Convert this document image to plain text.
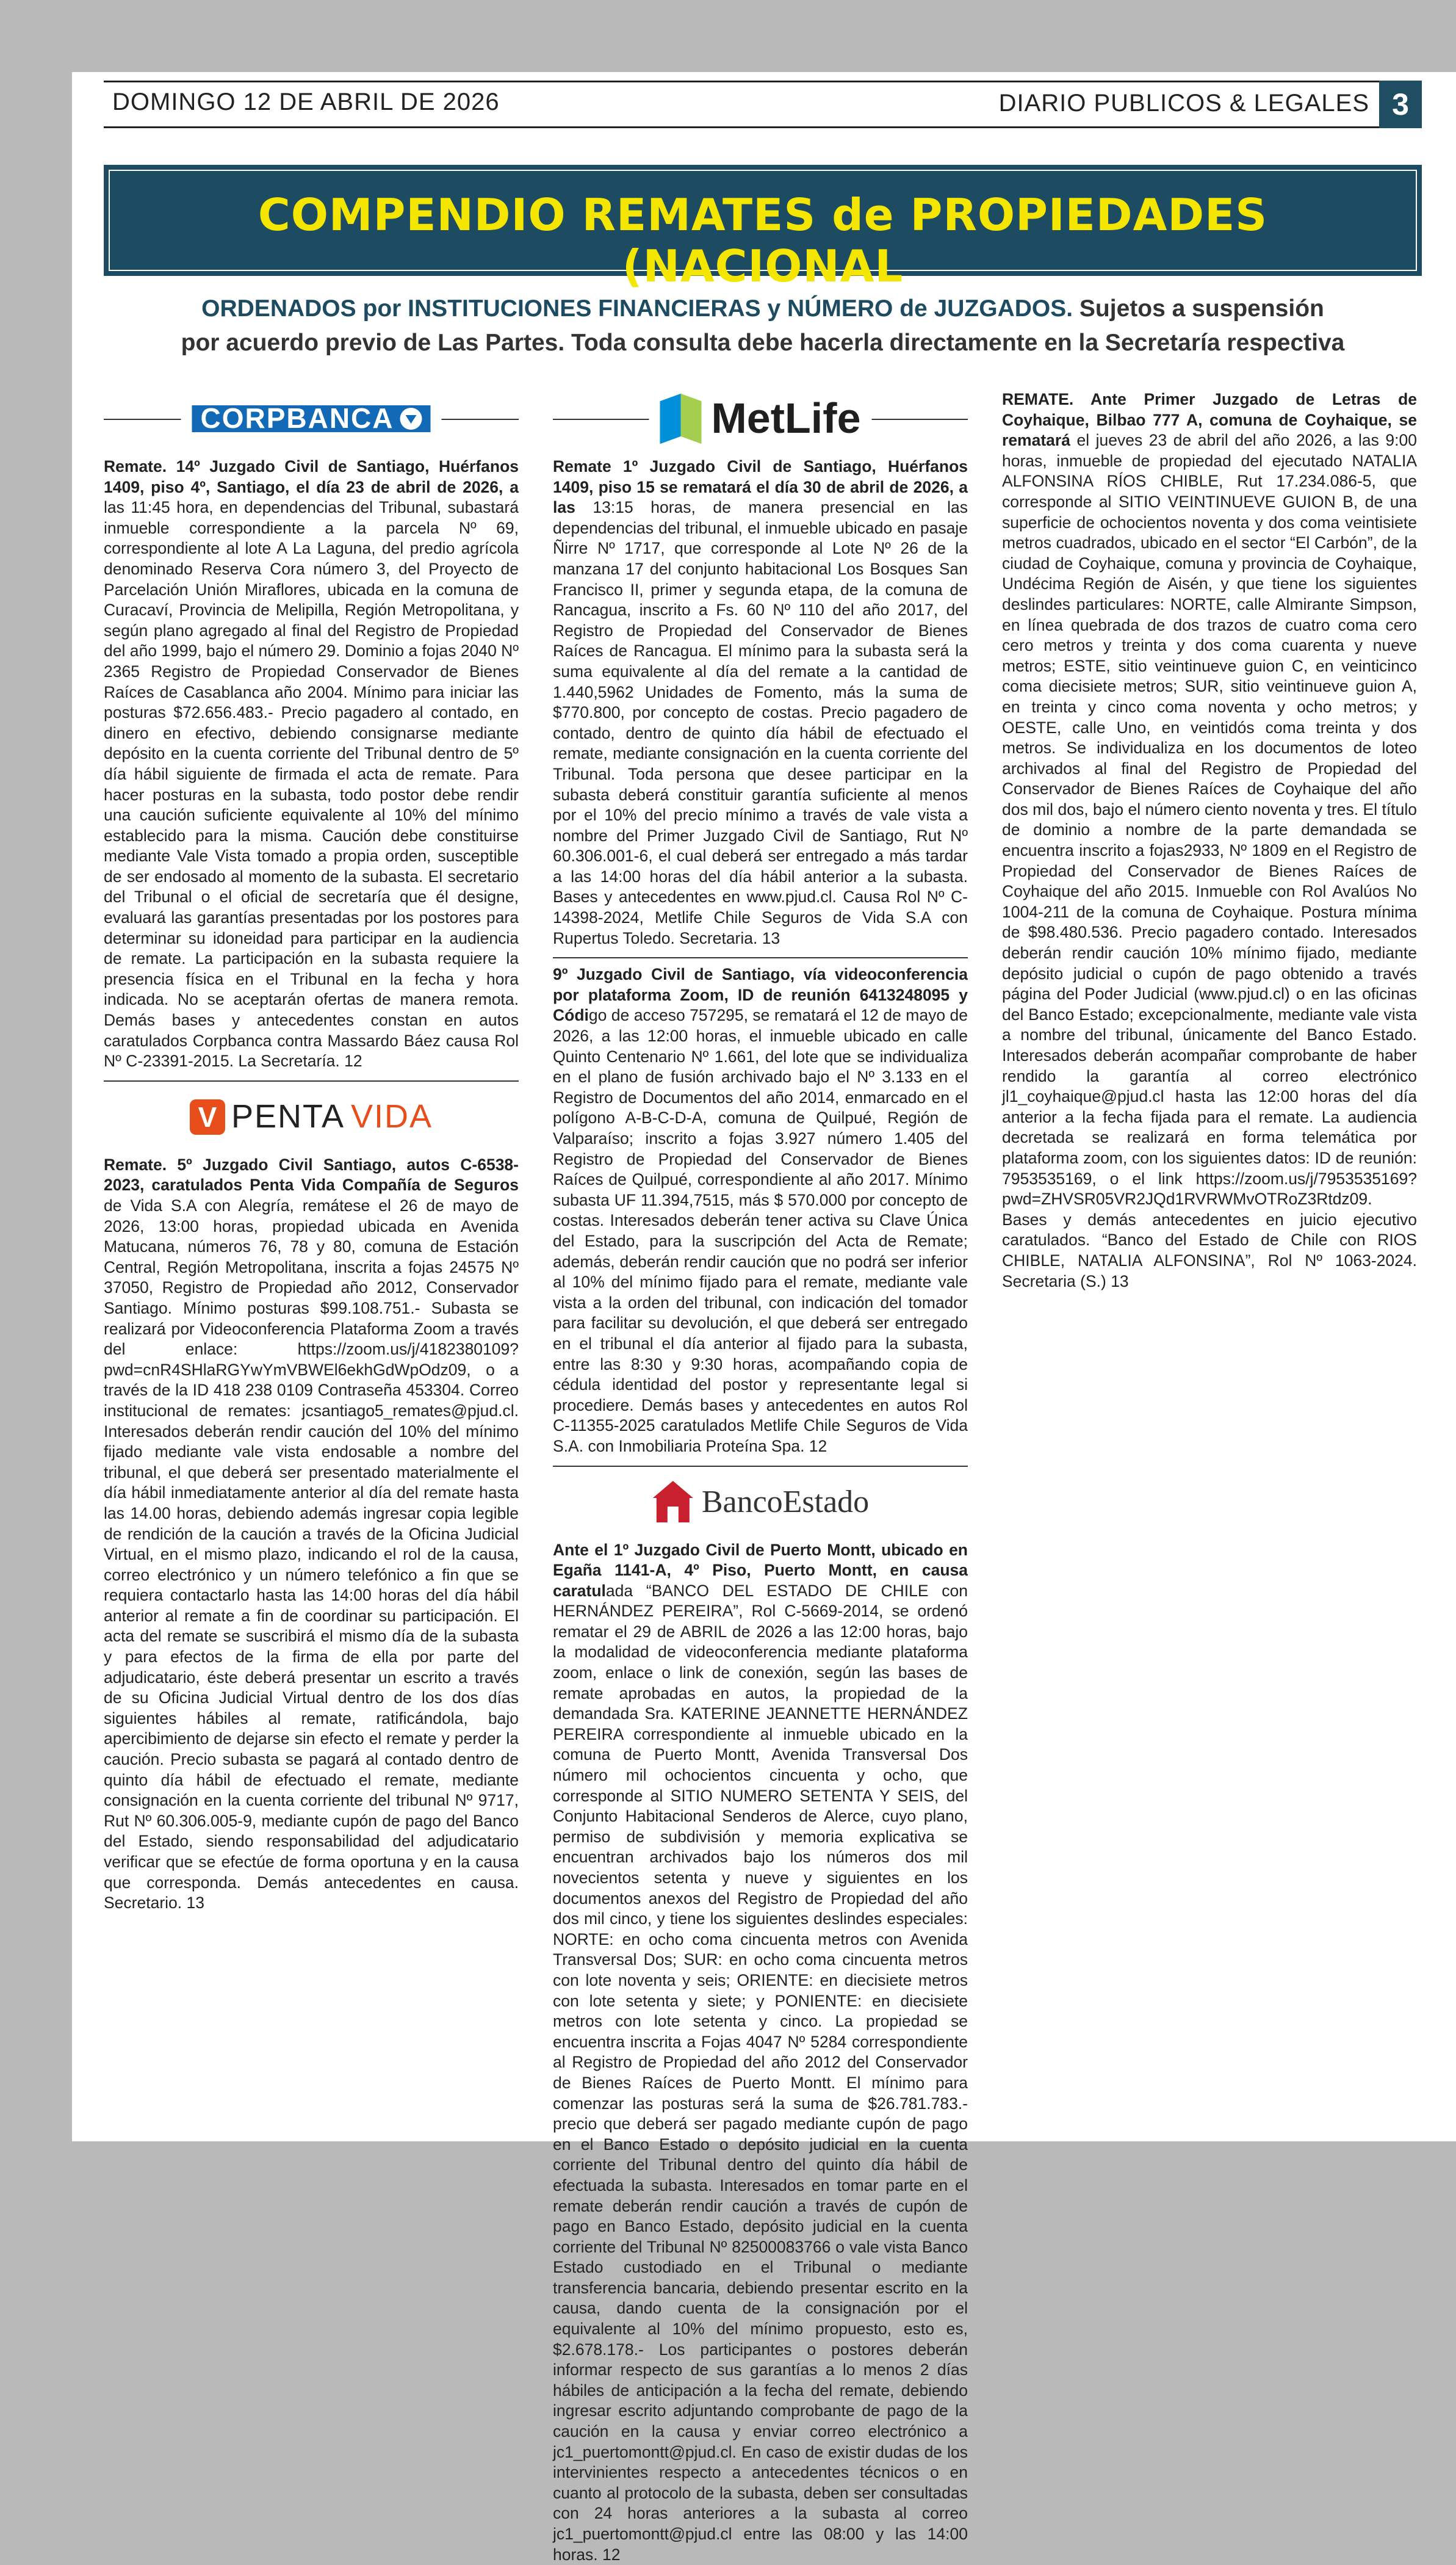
DOMINGO 12 DE ABRIL DE 2026	DIARIO PUBLICOS & LEGALES 3
COMPENDIO REMATES de PROPIEDADES (NACIONAL
ORDENADOS por INSTITUCIONES FINANCIERAS y NÚMERO de JUZGADOS. Sujetos a suspensión
por acuerdo previo de Las Partes. Toda consulta debe hacerla directamente en la Secretaría respectiva
CORPBANCA

Remate. 14º Juzgado Civil de Santiago, Huérfanos 1409, piso 4º, Santiago, el día 23 de abril de 2026, a las 11:45 hora, en dependencias del Tribunal, subastará inmueble correspondiente a la parcela Nº 69, correspondiente al lote A La Laguna, del predio agrícola denominado Reserva Cora número 3, del Proyecto de Parcelación Unión Miraflores, ubicada en la comuna de Curacaví, Provincia de Melipilla, Región Metropolitana, y según plano agregado al final del Registro de Propiedad del año 1999, bajo el número 29. Dominio a fojas 2040 Nº 2365 Registro de Propiedad Conservador de Bienes Raíces de Casablanca año 2004. Mínimo para iniciar las posturas $72.656.483.- Precio pagadero al contado, en dinero en efectivo, debiendo consignarse mediante depósito en la cuenta corriente del Tribunal dentro de 5º día hábil siguiente de firmada el acta de remate. Para hacer posturas en la subasta, todo postor debe rendir una caución suficiente equivalente al 10% del mínimo establecido para la misma. Caución debe constituirse mediante Vale Vista tomado a propia orden, susceptible de ser endosado al momento de la subasta. El secretario del Tribunal o el oficial de secretaría que él designe, evaluará las garantías presentadas por los postores para determinar su idoneidad para participar en la audiencia de remate. La participación en la subasta requiere la presencia física en el Tribunal en la fecha y hora indicada. No se aceptarán ofertas de manera remota. Demás bases y antecedentes constan en autos caratulados Corpbanca contra Massardo Báez causa Rol Nº C-23391-2015. La Secretaría. 12

V PENTA VIDA

Remate. 5º Juzgado Civil Santiago, autos C-6538-2023, caratulados Penta Vida Compañía de Seguros de Vida S.A con Alegría, remátese el 26 de mayo de 2026, 13:00 horas, propiedad ubicada en Avenida Matucana, números 76, 78 y 80, comuna de Estación Central, Región Metropolitana, inscrita a fojas 24575 Nº 37050, Registro de Propiedad año 2012, Conservador Santiago. Mínimo posturas $99.108.751.- Subasta se realizará por Videoconferencia Plataforma Zoom a través del enlace: https://zoom.us/j/4182380109?pwd=cnR4SHlaRGYwYmVBWEl6ekhGdWpOdz09, o a través de la ID 418 238 0109 Contraseña 453304. Correo institucional de remates: jcsantiago5_remates@pjud.cl. Interesados deberán rendir caución del 10% del mínimo fijado mediante vale vista endosable a nombre del tribunal, el que deberá ser presentado materialmente el día hábil inmediatamente anterior al día del remate hasta las 14.00 horas, debiendo además ingresar copia legible de rendición de la caución a través de la Oficina Judicial Virtual, en el mismo plazo, indicando el rol de la causa, correo electrónico y un número telefónico a fin que se requiera contactarlo hasta las 14:00 horas del día hábil anterior al remate a fin de coordinar su participación. El acta del remate se suscribirá el mismo día de la subasta y para efectos de la firma de ella por parte del adjudicatario, éste deberá presentar un escrito a través de su Oficina Judicial Virtual dentro de los dos días siguientes hábiles al remate, ratificándola, bajo apercibimiento de dejarse sin efecto el remate y perder la caución. Precio subasta se pagará al contado dentro de quinto día hábil de efectuado el remate, mediante consignación en la cuenta corriente del tribunal Nº 9717, Rut Nº 60.306.005-9, mediante cupón de pago del Banco del Estado, siendo responsabilidad del adjudicatario verificar que se efectúe de forma oportuna y en la causa que corresponda. Demás antecedentes en causa. Secretario. 13

MetLife

Remate 1º Juzgado Civil de Santiago, Huérfanos 1409, piso 15 se rematará el día 30 de abril de 2026, a las 13:15 horas, de manera presencial en las dependencias del tribunal, el inmueble ubicado en pasaje Ñirre Nº 1717, que corresponde al Lote Nº 26 de la manzana 17 del conjunto habitacional Los Bosques San Francisco II, primer y segunda etapa, de la comuna de Rancagua, inscrito a Fs. 60 Nº 110 del año 2017, del Registro de Propiedad del Conservador de Bienes Raíces de Rancagua. El mínimo para la subasta será la suma equivalente al día del remate a la cantidad de 1.440,5962 Unidades de Fomento, más la suma de $770.800, por concepto de costas. Precio pagadero de contado, dentro de quinto día hábil de efectuado el remate, mediante consignación en la cuenta corriente del Tribunal. Toda persona que desee participar en la subasta deberá constituir garantía suficiente al menos por el 10% del precio mínimo a través de vale vista a nombre del Primer Juzgado Civil de Santiago, Rut Nº 60.306.001-6, el cual deberá ser entregado a más tardar a las 14:00 horas del día hábil anterior a la subasta. Bases y antecedentes en www.pjud.cl. Causa Rol Nº C-14398-2024, Metlife Chile Seguros de Vida S.A con Rupertus Toledo. Secretaria. 13

9º Juzgado Civil de Santiago, vía videoconferencia por plataforma Zoom, ID de reunión 6413248095 y Código de acceso 757295, se rematará el 12 de mayo de 2026, a las 12:00 horas, el inmueble ubicado en calle Quinto Centenario Nº 1.661, del lote que se individualiza en el plano de fusión archivado bajo el Nº 3.133 en el Registro de Documentos del año 2014, enmarcado en el polígono A-B-C-D-A, comuna de Quilpué, Región de Valparaíso; inscrito a fojas 3.927 número 1.405 del Registro de Propiedad del Conservador de Bienes Raíces de Quilpué, correspondiente al año 2017. Mínimo subasta UF 11.394,7515, más $ 570.000 por concepto de costas. Interesados deberán tener activa su Clave Única del Estado, para la suscripción del Acta de Remate; además, deberán rendir caución que no podrá ser inferior al 10% del mínimo fijado para el remate, mediante vale vista a la orden del tribunal, con indicación del tomador para facilitar su devolución, el que deberá ser entregado en el tribunal el día anterior al fijado para la subasta, entre las 8:30 y 9:30 horas, acompañando copia de cédula identidad del postor y representante legal si procediere. Demás bases y antecedentes en autos Rol C-11355-2025 caratulados Metlife Chile Seguros de Vida S.A. con Inmobiliaria Proteína Spa. 12

BancoEstado

Ante el 1º Juzgado Civil de Puerto Montt, ubicado en Egaña 1141-A, 4º Piso, Puerto Montt, en causa caratulada “BANCO DEL ESTADO DE CHILE con HERNÁNDEZ PEREIRA”, Rol C-5669-2014, se ordenó rematar el 29 de ABRIL de 2026 a las 12:00 horas, bajo la modalidad de videoconferencia mediante plataforma zoom, enlace o link de conexión, según las bases de remate aprobadas en autos, la propiedad de la demandada Sra. KATERINE JEANNETTE HERNÁNDEZ PEREIRA correspondiente al inmueble ubicado en la comuna de Puerto Montt, Avenida Transversal Dos número mil ochocientos cincuenta y ocho, que corresponde al SITIO NUMERO SETENTA Y SEIS, del Conjunto Habitacional Senderos de Alerce, cuyo plano, permiso de subdivisión y memoria explicativa se encuentran archivados bajo los números dos mil novecientos setenta y nueve y siguientes en los documentos anexos del Registro de Propiedad del año dos mil cinco, y tiene los siguientes deslindes especiales: NORTE: en ocho coma cincuenta metros con Avenida Transversal Dos; SUR: en ocho coma cincuenta metros con lote noventa y seis; ORIENTE: en diecisiete metros con lote setenta y siete; y PONIENTE: en diecisiete metros con lote setenta y cinco. La propiedad se encuentra inscrita a Fojas 4047 Nº 5284 correspondiente al Registro de Propiedad del año 2012 del Conservador de Bienes Raíces de Puerto Montt. El mínimo para comenzar las posturas será la suma de $26.781.783.- precio que deberá ser pagado mediante cupón de pago en el Banco Estado o depósito judicial en la cuenta corriente del Tribunal dentro del quinto día hábil de efectuada la subasta. Interesados en tomar parte en el remate deberán rendir caución a través de cupón de pago en Banco Estado, depósito judicial en la cuenta corriente del Tribunal Nº 82500083766 o vale vista Banco Estado custodiado en el Tribunal o mediante transferencia bancaria, debiendo presentar escrito en la causa, dando cuenta de la consignación por el equivalente al 10% del mínimo propuesto, esto es, $2.678.178.- Los participantes o postores deberán informar respecto de sus garantías a lo menos 2 días hábiles de anticipación a la fecha del remate, debiendo ingresar escrito adjuntando comprobante de pago de la caución en la causa y enviar correo electrónico a jc1_puertomontt@pjud.cl. En caso de existir dudas de los intervinientes respecto a antecedentes técnicos o en cuanto al protocolo de la subasta, deben ser consultadas con 24 horas anteriores a la subasta al correo jc1_puertomontt@pjud.cl entre las 08:00 y las 14:00 horas. 12

REMATE. Ante Primer Juzgado de Letras de Coyhaique, Bilbao 777 A, comuna de Coyhaique, se rematará el jueves 23 de abril del año 2026, a las 9:00 horas, inmueble de propiedad del ejecutado NATALIA ALFONSINA RÍOS CHIBLE, Rut 17.234.086-5, que corresponde al SITIO VEINTINUEVE GUION B, de una superficie de ochocientos noventa y dos coma veintisiete metros cuadrados, ubicado en el sector “El Carbón”, de la ciudad de Coyhaique, comuna y provincia de Coyhaique, Undécima Región de Aisén, y que tiene los siguientes deslindes particulares: NORTE, calle Almirante Simpson, en línea quebrada de dos trazos de cuatro coma cero cero metros y treinta y dos coma cuarenta y nueve metros; ESTE, sitio veintinueve guion C, en veinticinco coma diecisiete metros; SUR, sitio veintinueve guion A, en treinta y cinco coma noventa y ocho metros; y OESTE, calle Uno, en veintidós coma treinta y dos metros. Se individualiza en los documentos de loteo archivados al final del Registro de Propiedad del Conservador de Bienes Raíces de Coyhaique del año dos mil dos, bajo el número ciento noventa y tres. El título de dominio a nombre de la parte demandada se encuentra inscrito a fojas2933, Nº 1809 en el Registro de Propiedad del Conservador de Bienes Raíces de Coyhaique del año 2015. Inmueble con Rol Avalúos No 1004-211 de la comuna de Coyhaique. Postura mínima de $98.480.536. Precio pagadero contado. Interesados deberán rendir caución 10% mínimo fijado, mediante depósito judicial o cupón de pago obtenido a través página del Poder Judicial (www.pjud.cl) o en las oficinas del Banco Estado; excepcionalmente, mediante vale vista a nombre del tribunal, únicamente del Banco Estado. Interesados deberán acompañar comprobante de haber rendido la garantía al correo electrónico jl1_coyhaique@pjud.cl hasta las 12:00 horas del día anterior a la fecha fijada para el remate. La audiencia decretada se realizará en forma telemática por plataforma zoom, con los siguientes datos: ID de reunión: 7953535169, o el link https://zoom.us/j/7953535169?pwd=ZHVSR05VR2JQd1RVRWMvOTRoZ3Rtdz09. Bases y demás antecedentes en juicio ejecutivo caratulados. “Banco del Estado de Chile con RIOS CHIBLE, NATALIA ALFONSINA”, Rol Nº 1063-2024. Secretaria (S.) 13
